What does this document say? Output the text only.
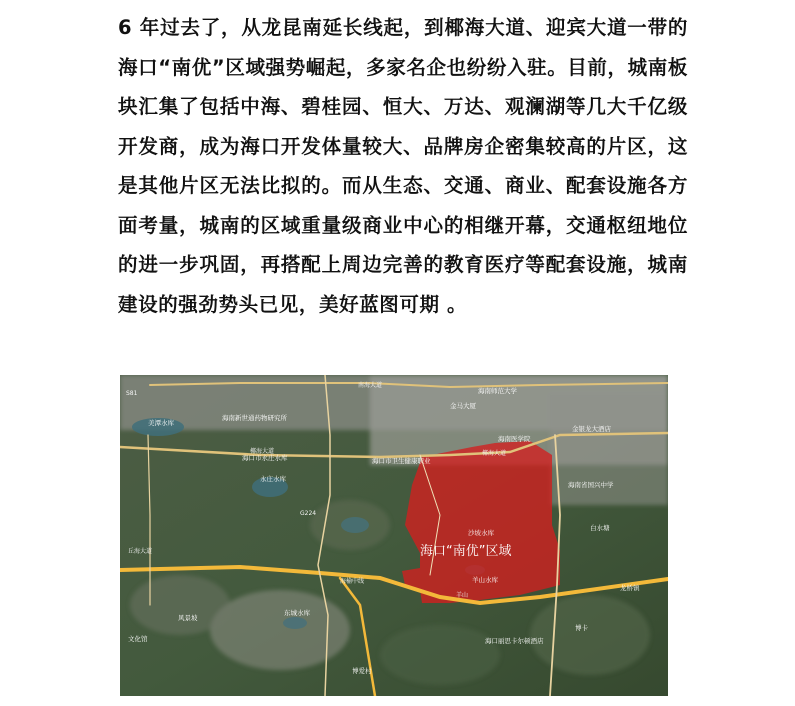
6 年过去了，从龙昆南延长线起，到椰海大道、迎宾大道一带的海口“南优”区域强势崛起，多家名企也纷纷入驻。目前，城南板块汇集了包括中海、碧桂园、恒大、万达、观澜湖等几大千亿级开发商，成为海口开发体量较大、品牌房企密集较高的片区，这是其他片区无法比拟的。而从生态、交通、商业、配套设施各方面考量，城南的区域重量级商业中心的相继开幕，交通枢纽地位的进一步巩固，再搭配上周边完善的教育医疗等配套设施，城南建设的强劲势头已见，美好蓝图可期 。

海口“南优”区域
南海大道
椰海大道	椰海大道
美潭水库
海口市永庄水库
永庄水库
海南新世通药物研究所
海口市卫生健康职业
海南医学院
海南师范大学
金马大厦
金银龙大酒店
海南省国兴中学
沙坡水库
羊山水库
羊山
丘海大道
海榆中线
东城水库
风景坡
文化馆
博爱村
海口丽思卡尔顿酒店
白水塘
龙桥镇
博卡
G224
S81
